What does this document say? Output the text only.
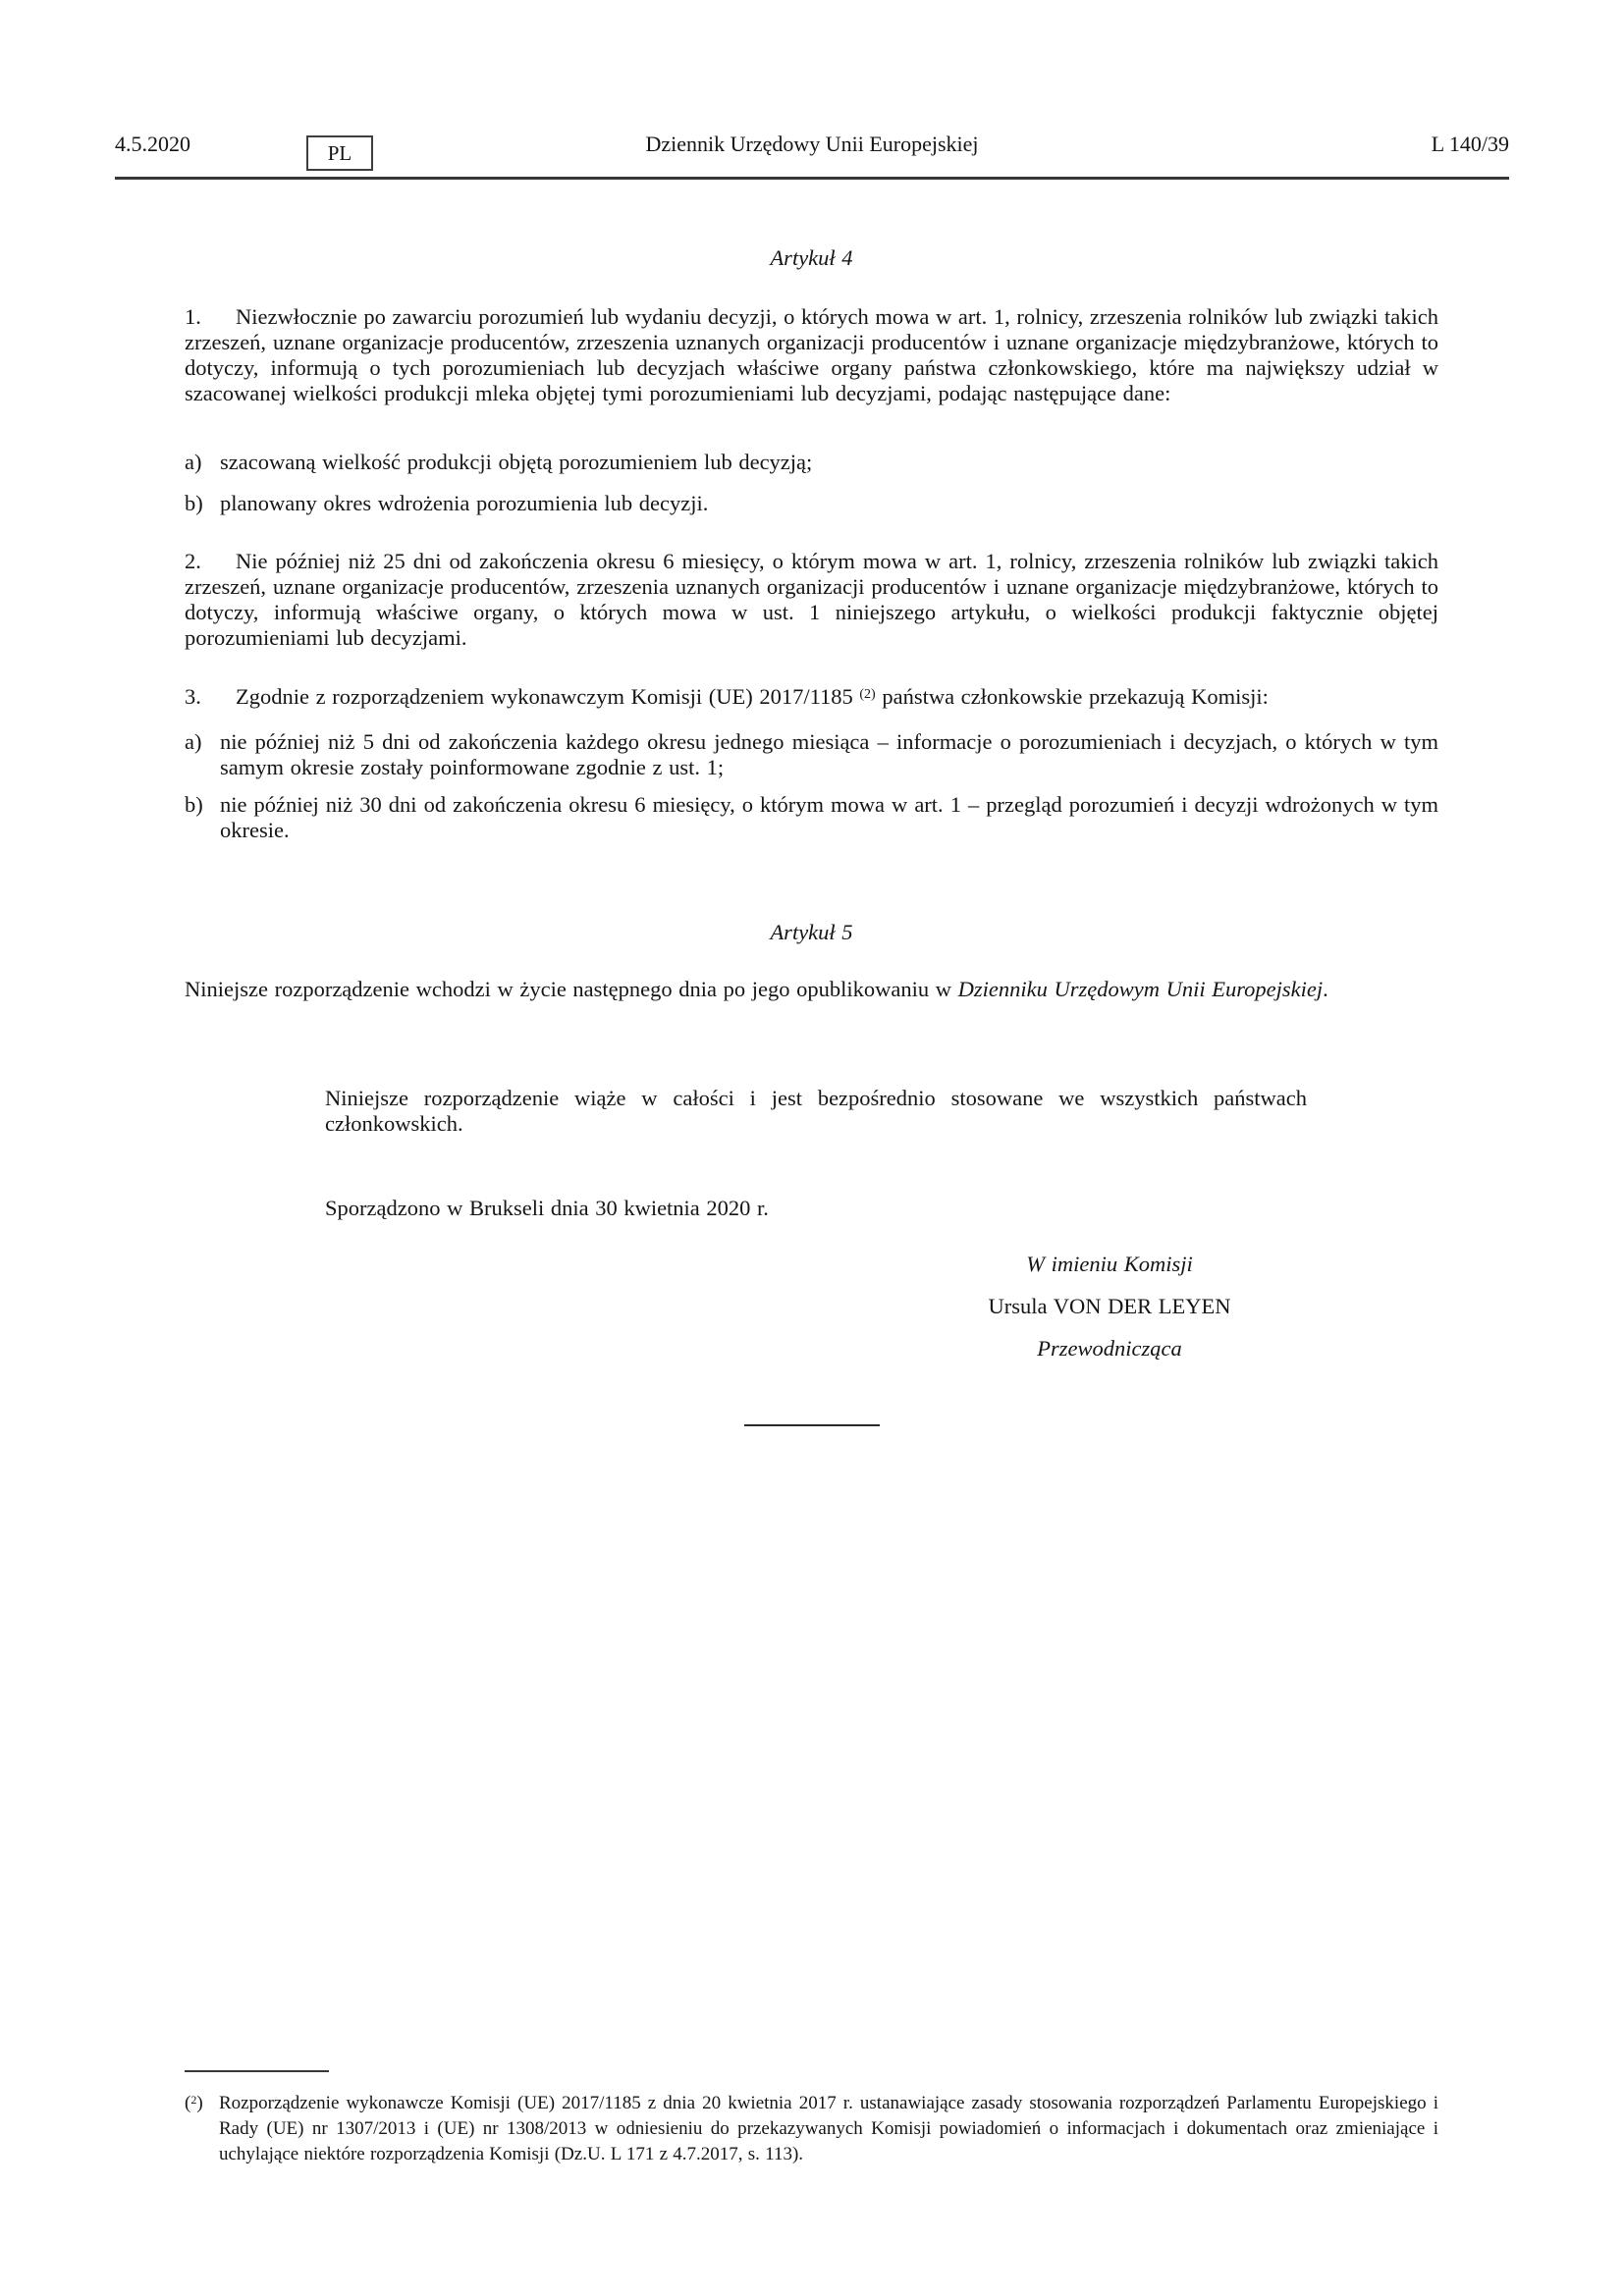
4.5.2020	PL	Dziennik Urzędowy Unii Europejskiej	L 140/39
Artykuł 4

1. Niezwłocznie po zawarciu porozumień lub wydaniu decyzji, o których mowa w art. 1, rolnicy, zrzeszenia rolników lub związki takich zrzeszeń, uznane organizacje producentów, zrzeszenia uznanych organizacji producentów i uznane organizacje międzybranżowe, których to dotyczy, informują o tych porozumieniach lub decyzjach właściwe organy państwa członkowskiego, które ma największy udział w szacowanej wielkości produkcji mleka objętej tymi porozumieniami lub decyzjami, podając następujące dane:

a) szacowaną wielkość produkcji objętą porozumieniem lub decyzją;
b) planowany okres wdrożenia porozumienia lub decyzji.

2. Nie później niż 25 dni od zakończenia okresu 6 miesięcy, o którym mowa w art. 1, rolnicy, zrzeszenia rolników lub związki takich zrzeszeń, uznane organizacje producentów, zrzeszenia uznanych organizacji producentów i uznane organizacje międzybranżowe, których to dotyczy, informują właściwe organy, o których mowa w ust. 1 niniejszego artykułu, o wielkości produkcji faktycznie objętej porozumieniami lub decyzjami.

3. Zgodnie z rozporządzeniem wykonawczym Komisji (UE) 2017/1185 $^{(2)}$ państwa członkowskie przekazują Komisji:

a) nie później niż 5 dni od zakończenia każdego okresu jednego miesiąca – informacje o porozumieniach i decyzjach, o których w tym samym okresie zostały poinformowane zgodnie z ust. 1;
b) nie później niż 30 dni od zakończenia okresu 6 miesięcy, o którym mowa w art. 1 – przegląd porozumień i decyzji wdrożonych w tym okresie.
Artykuł 5

Niniejsze rozporządzenie wchodzi w życie następnego dnia po jego opublikowaniu w Dzienniku Urzędowym Unii Europejskiej.

Niniejsze rozporządzenie wiąże w całości i jest bezpośrednio stosowane we wszystkich państwach członkowskich.

Sporządzono w Brukseli dnia 30 kwietnia 2020 r.

W imieniu Komisji
Ursula VON DER LEYEN
Przewodnicząca
($^2$) Rozporządzenie wykonawcze Komisji (UE) 2017/1185 z dnia 20 kwietnia 2017 r. ustanawiające zasady stosowania rozporządzeń Parlamentu Europejskiego i Rady (UE) nr 1307/2013 i (UE) nr 1308/2013 w odniesieniu do przekazywanych Komisji powiadomień o informacjach i dokumentach oraz zmieniające i uchylające niektóre rozporządzenia Komisji (Dz.U. L 171 z 4.7.2017, s. 113).
